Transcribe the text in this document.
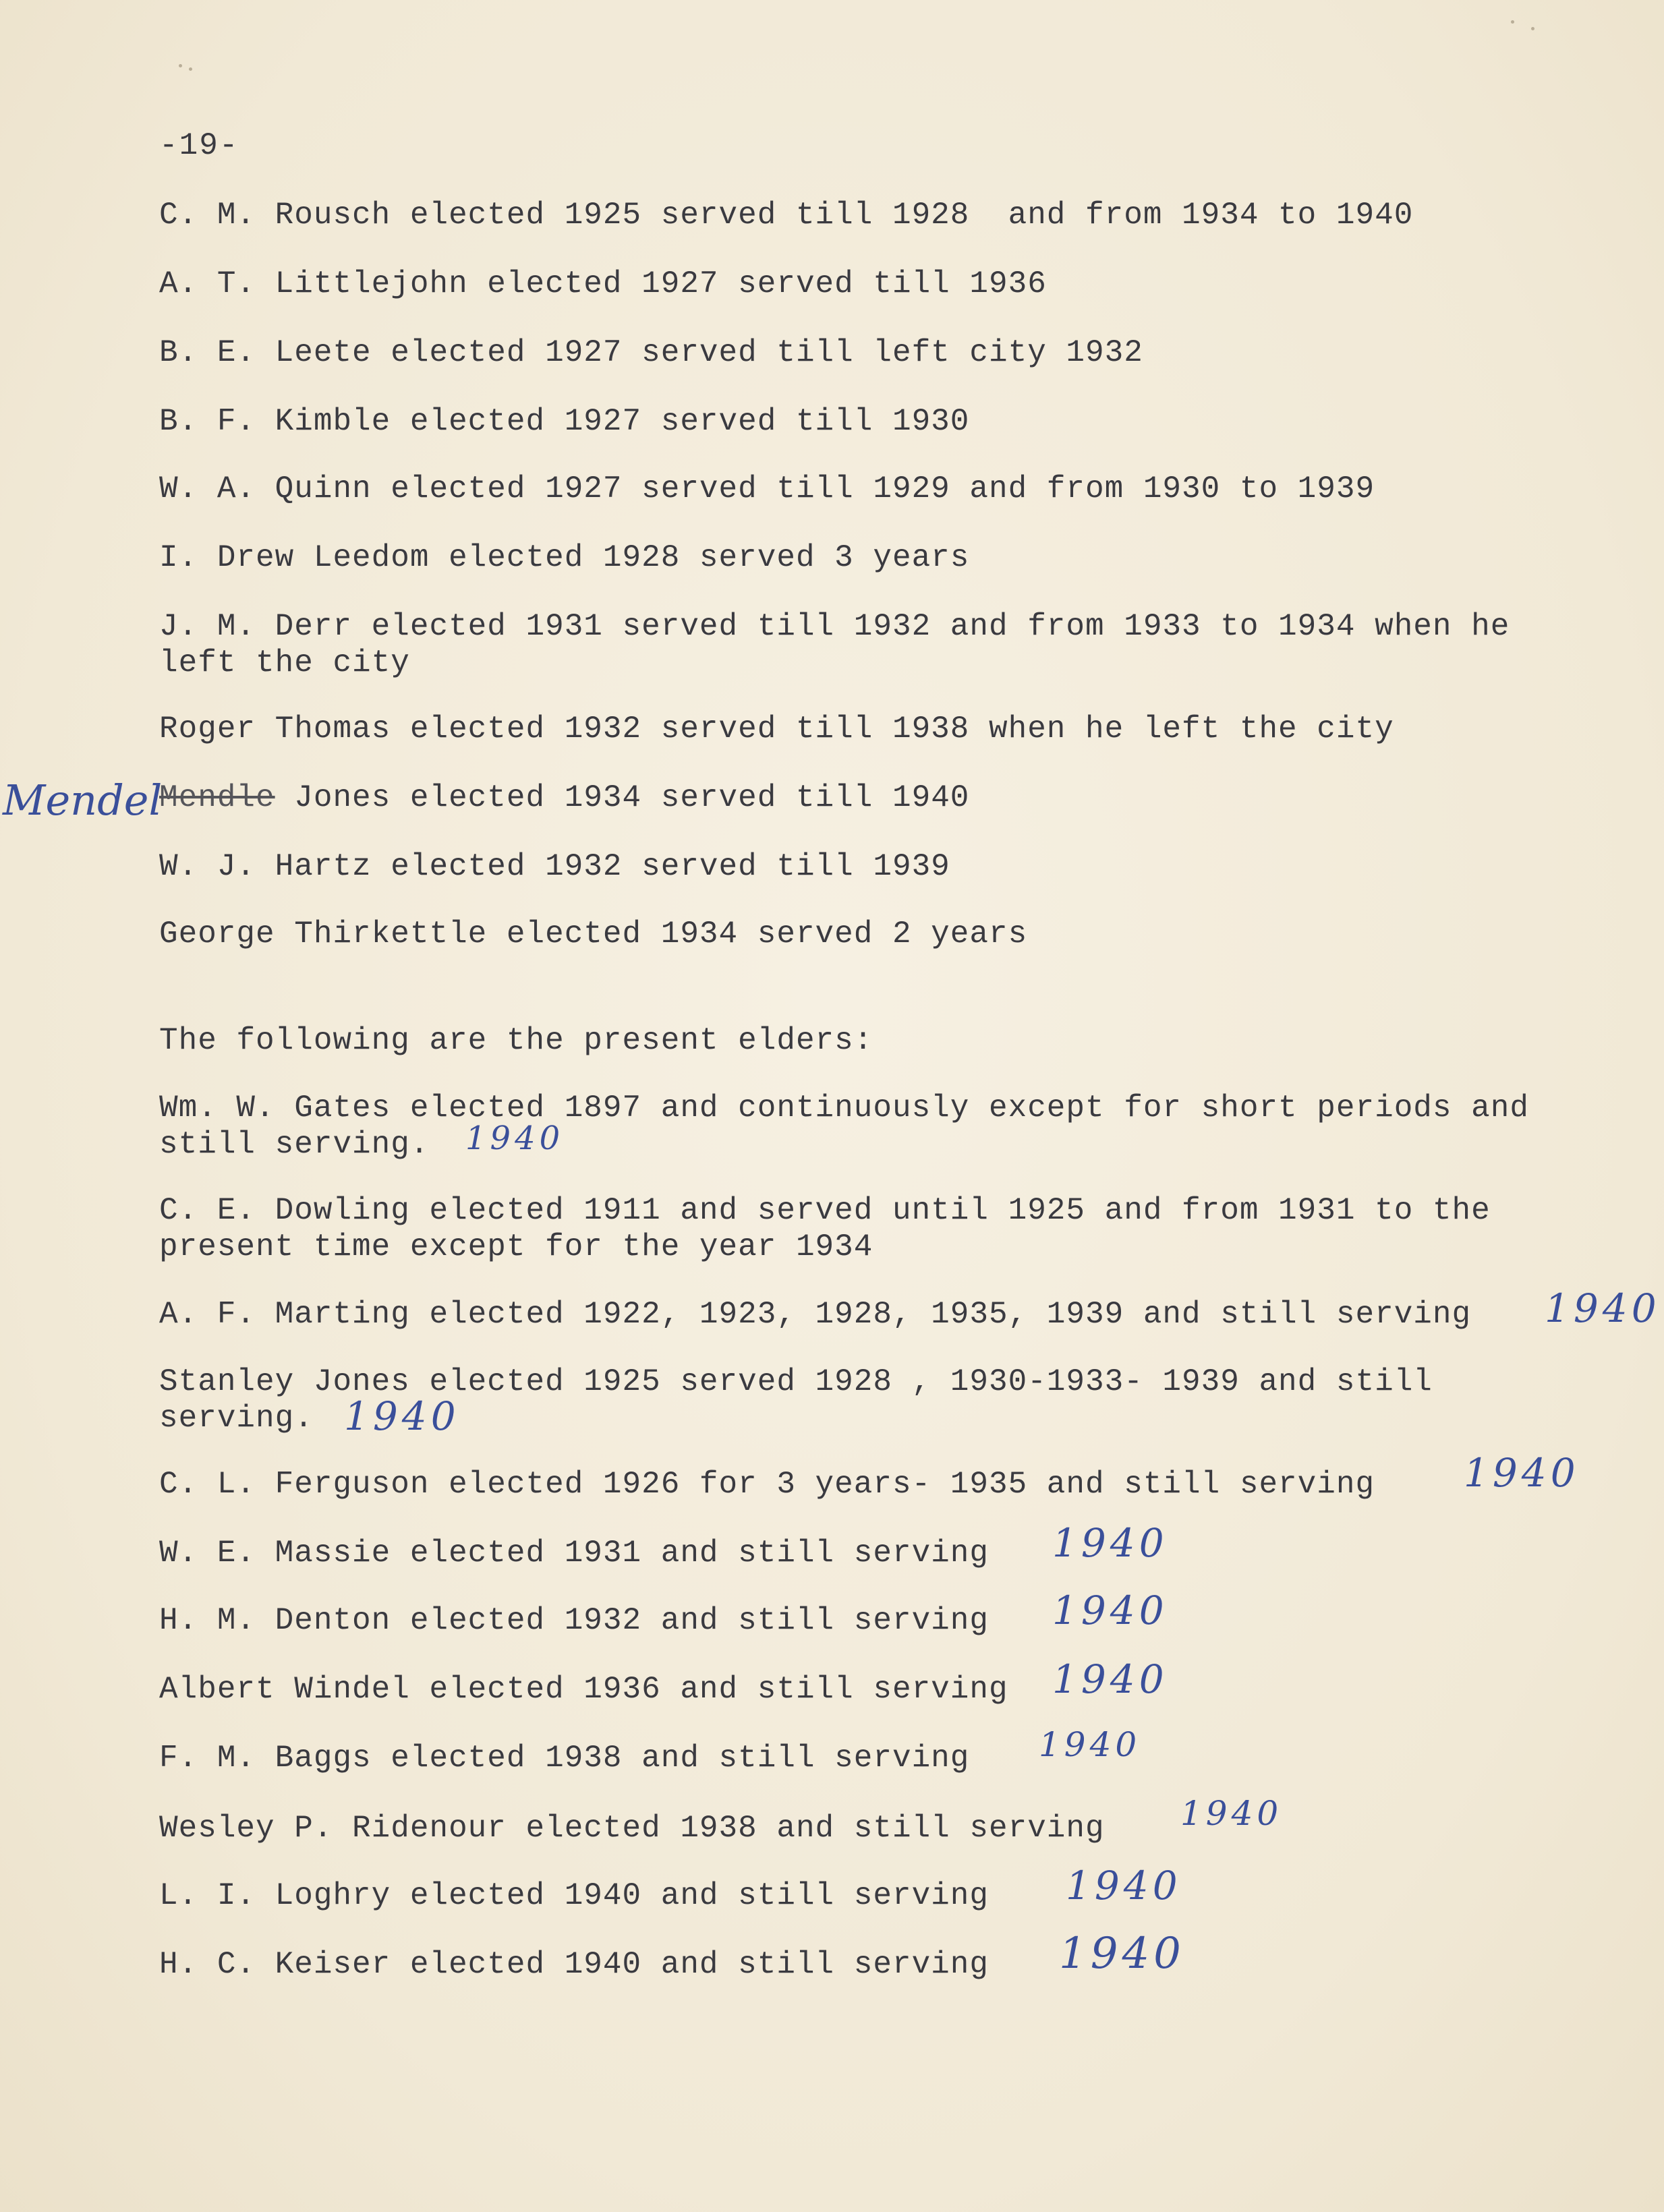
-19-
C. M. Rousch elected 1925 served till 1928  and from 1934 to 1940
A. T. Littlejohn elected 1927 served till 1936
B. E. Leete elected 1927 served till left city 1932
B. F. Kimble elected 1927 served till 1930
W. A. Quinn elected 1927 served till 1929 and from 1930 to 1939
I. Drew Leedom elected 1928 served 3 years
J. M. Derr elected 1931 served till 1932 and from 1933 to 1934 when he
left the city
Roger Thomas elected 1932 served till 1938 when he left the city
Mendel
Mendle Jones elected 1934 served till 1940
W. J. Hartz elected 1932 served till 1939
George Thirkettle elected 1934 served 2 years
The following are the present elders:
Wm. W. Gates elected 1897 and continuously except for short periods and
still serving. 1940
C. E. Dowling elected 1911 and served until 1925 and from 1931 to the
present time except for the year 1934
A. F. Marting elected 1922, 1923, 1928, 1935, 1939 and still serving 1940
Stanley Jones elected 1925 served 1928 , 1930-1933- 1939 and still
serving. 1940
C. L. Ferguson elected 1926 for 3 years- 1935 and still serving 1940
W. E. Massie elected 1931 and still serving 1940
H. M. Denton elected 1932 and still serving 1940
Albert Windel elected 1936 and still serving 1940
F. M. Baggs elected 1938 and still serving 1940
Wesley P. Ridenour elected 1938 and still serving 1940
L. I. Loghry elected 1940 and still serving 1940
H. C. Keiser elected 1940 and still serving 1940
